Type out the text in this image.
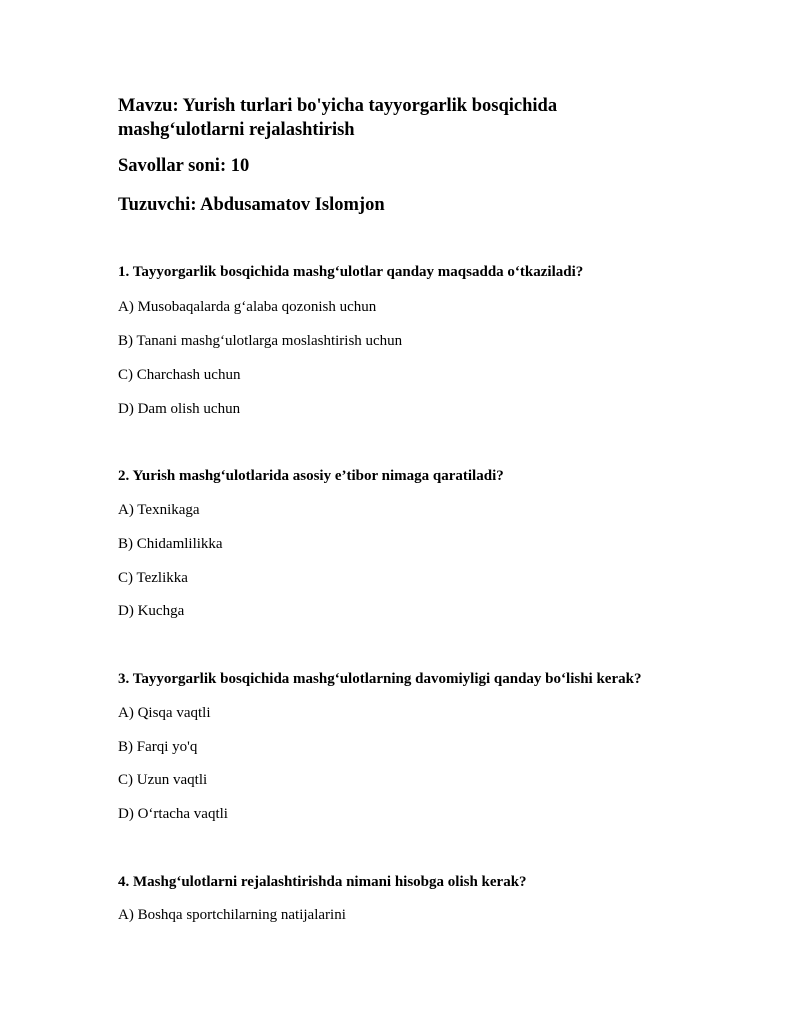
Mavzu: Yurish turlari bo'yicha tayyorgarlik bosqichida

mashg‘ulotlarni rejalashtirish

Savollar soni: 10

Tuzuvchi: Abdusamatov Islomjon

1. Tayyorgarlik bosqichida mashg‘ulotlar qanday maqsadda o‘tkaziladi?

A) Musobaqalarda g‘alaba qozonish uchun

B) Tanani mashg‘ulotlarga moslashtirish uchun

C) Charchash uchun

D) Dam olish uchun

2. Yurish mashg‘ulotlarida asosiy e’tibor nimaga qaratiladi?

A) Texnikaga

B) Chidamlilikka

C) Tezlikka

D) Kuchga

3. Tayyorgarlik bosqichida mashg‘ulotlarning davomiyligi qanday bo‘lishi kerak?

A) Qisqa vaqtli

B) Farqi yo'q

C) Uzun vaqtli

D) O‘rtacha vaqtli

4. Mashg‘ulotlarni rejalashtirishda nimani hisobga olish kerak?

A) Boshqa sportchilarning natijalarini
